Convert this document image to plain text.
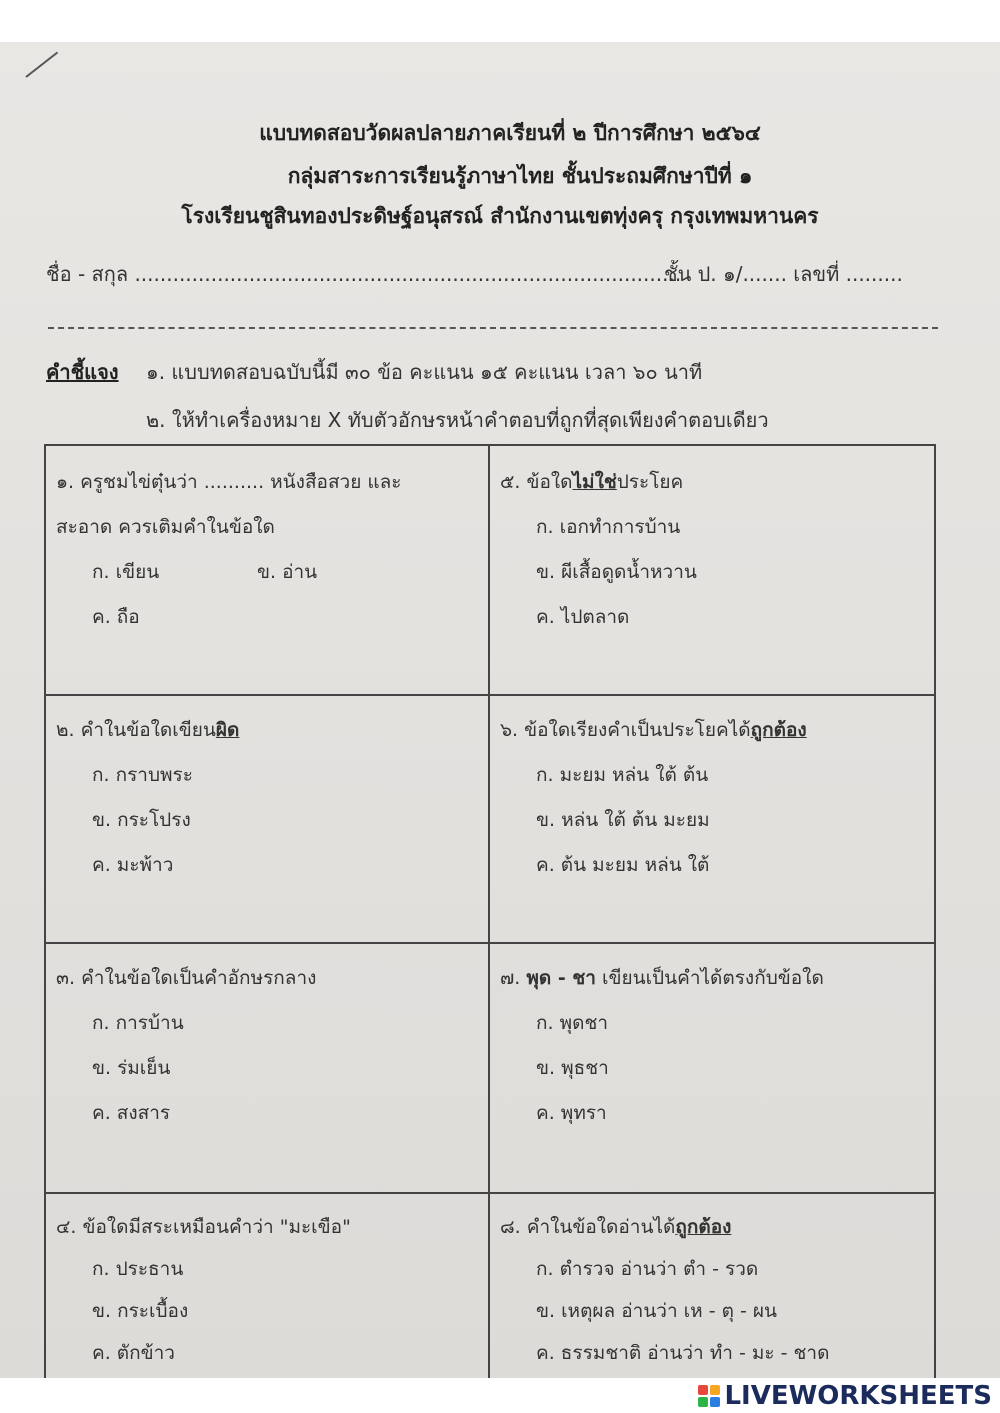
แบบทดสอบวัดผลปลายภาคเรียนที่ ๒ ปีการศึกษา ๒๕๖๔
กลุ่มสาระการเรียนรู้ภาษาไทย ชั้นประถมศึกษาปีที่ ๑
โรงเรียนชูสินทองประดิษฐ์อนุสรณ์ สำนักงานเขตทุ่งครุ กรุงเทพมหานคร
ชื่อ - สกุล ......................................................................................
ชั้น ป. ๑/....... เลขที่ .........
คำชี้แจง ๑. แบบทดสอบฉบับนี้มี ๓๐ ข้อ คะแนน ๑๕ คะแนน เวลา ๖๐ นาที
๒. ให้ทำเครื่องหมาย X ทับตัวอักษรหน้าคำตอบที่ถูกที่สุดเพียงคำตอบเดียว
๑. ครูชมไข่ตุ๋นว่า .......... หนังสือสวย และ
สะอาด ควรเติมคำในข้อใด
ก. เขียน	ข. อ่าน
ค. ถือ
๕. ข้อใดไม่ใช่ประโยค
ก. เอกทำการบ้าน
ข. ผีเสื้อดูดน้ำหวาน
ค. ไปตลาด
๒. คำในข้อใดเขียนผิด
ก. กราบพระ
ข. กระโปรง
ค. มะพ้าว
๖. ข้อใดเรียงคำเป็นประโยคได้ถูกต้อง
ก. มะยม หล่น ใต้ ต้น
ข. หล่น ใต้ ต้น มะยม
ค. ต้น มะยม หล่น ใต้
๓. คำในข้อใดเป็นคำอักษรกลาง
ก. การบ้าน
ข. ร่มเย็น
ค. สงสาร
๗. พุด - ชา เขียนเป็นคำได้ตรงกับข้อใด
ก. พุดชา
ข. พุธชา
ค. พุทรา
๔. ข้อใดมีสระเหมือนคำว่า "มะเขือ"
ก. ประธาน
ข. กระเบื้อง
ค. ตักข้าว
๘. คำในข้อใดอ่านได้ถูกต้อง
ก. ตำรวจ อ่านว่า ตำ - รวด
ข. เหตุผล อ่านว่า เห - ตุ - ผน
ค. ธรรมชาติ อ่านว่า ทำ - มะ - ชาด
LIVEWORKSHEETS
